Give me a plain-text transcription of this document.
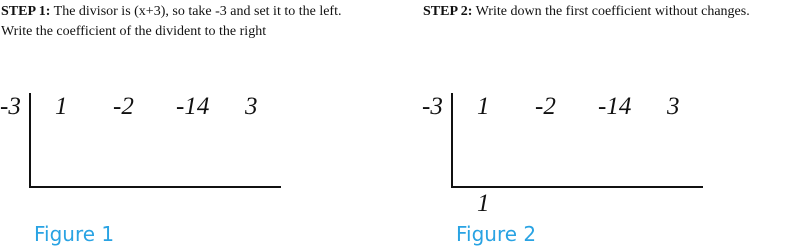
STEP 1: The divisor is (x+3), so take -3 and set it to the left.
Write the coefficient of the divident to the right
STEP 2: Write down the first coefficient without changes.
-3 1 -2 -14 3
Figure 1
-3 1 -2 -14 3
1
Figure 2
